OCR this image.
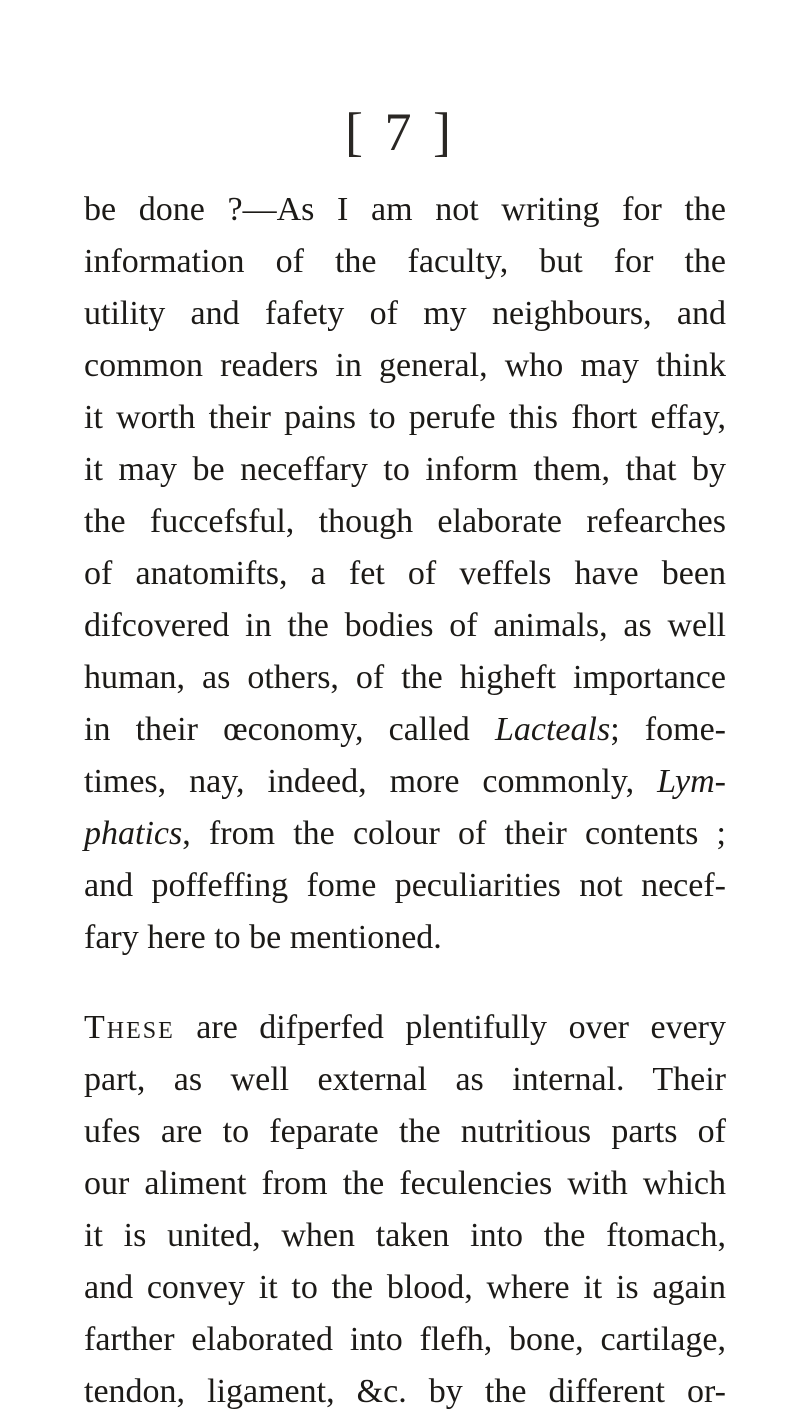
[ 7 ]
be done ?—As I am not writing for the
information of the faculty, but for the
utility and fafety of my neighbours, and
common readers in general, who may think
it worth their pains to perufe this fhort effay,
it may be neceffary to inform them, that by
the fuccefsful, though elaborate refearches
of anatomifts, a fet of veffels have been
difcovered in the bodies of animals, as well
human, as others, of the higheft importance
in their œconomy, called Lacteals; fome-
times, nay, indeed, more commonly, Lym-
phatics, from the colour of their contents ;
and poffeffing fome peculiarities not necef-
fary here to be mentioned.
These are difperfed plentifully over every
part, as well external as internal. Their
ufes are to feparate the nutritious parts of
our aliment from the feculencies with which
it is united, when taken into the ftomach,
and convey it to the blood, where it is again
farther elaborated into flefh, bone, cartilage,
tendon, ligament, &c. by the different or-
